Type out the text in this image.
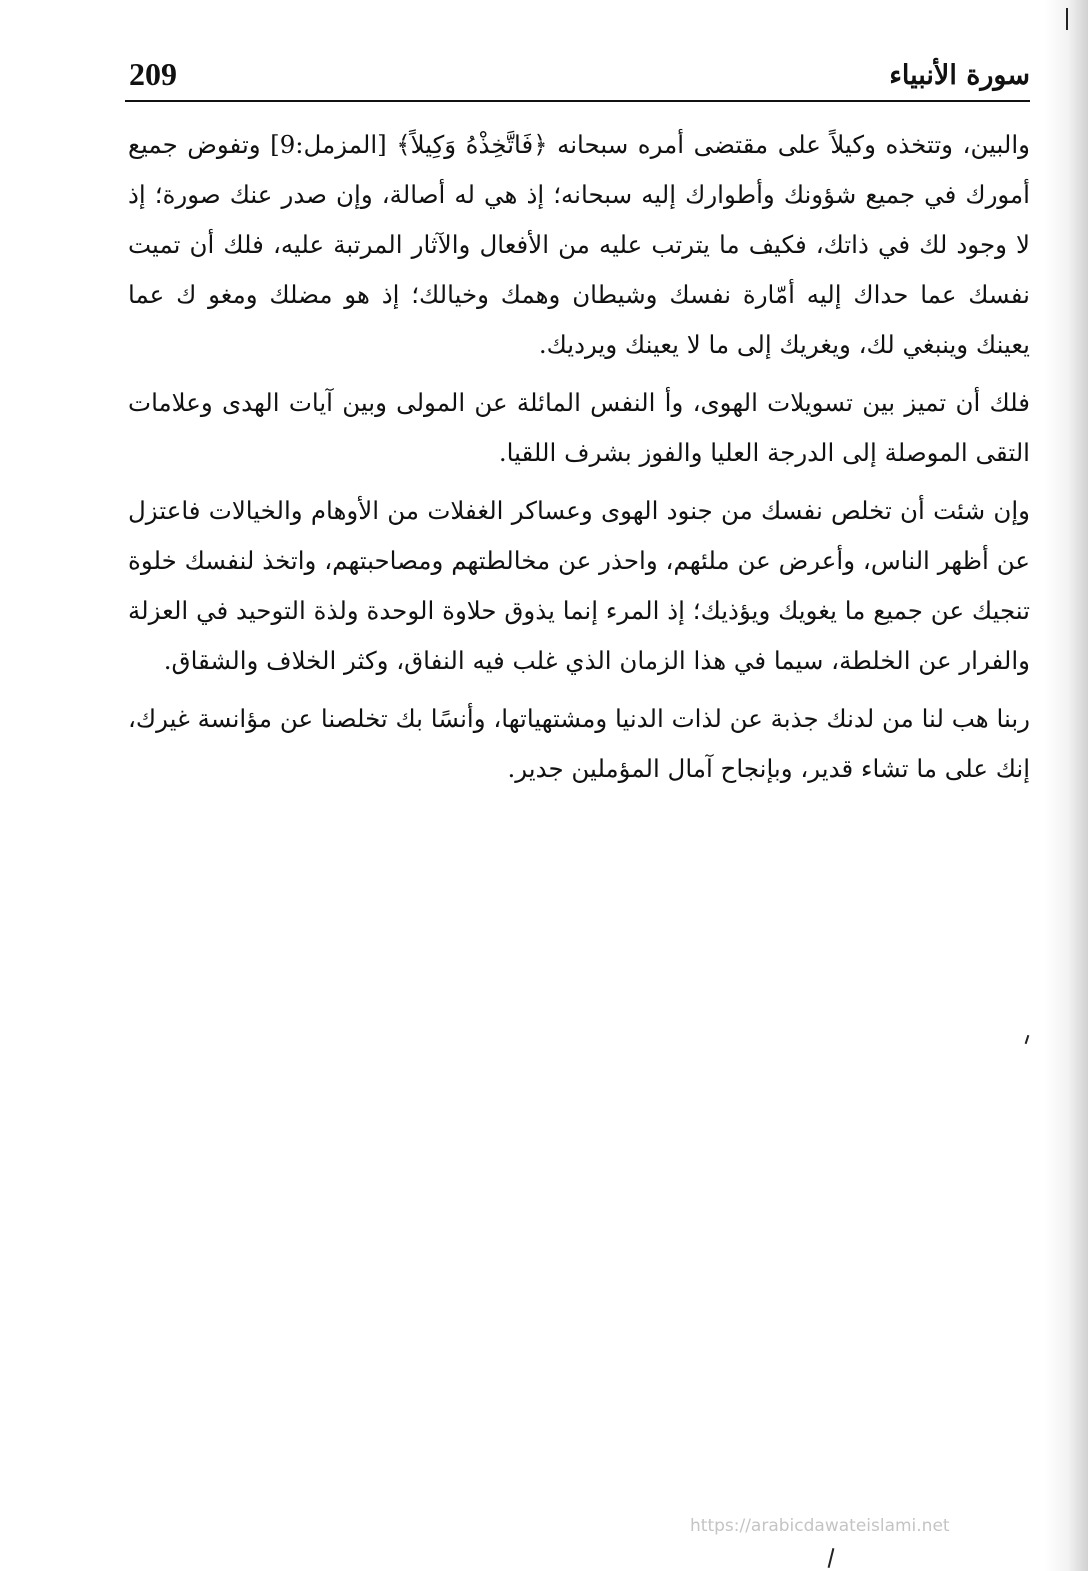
209	سورة الأنبياء

والبين، وتتخذه وكيلاً على مقتضى أمره سبحانه ﴿فَاتَّخِذْهُ وَكِيلاً﴾ [المزمل:9] وتفوض جميع أمورك في جميع شؤونك وأطوارك إليه سبحانه؛ إذ هي له أصالة، وإن صدر عنك صورة؛ إذ لا وجود لك في ذاتك، فكيف ما يترتب عليه من الأفعال والآثار المرتبة عليه، فلك أن تميت نفسك عما حداك إليه أمّارة نفسك وشيطان وهمك وخيالك؛ إذ هو مضلك ومغو ك عما يعينك وينبغي لك، ويغريك إلى ما لا يعينك ويرديك.

فلك أن تميز بين تسويلات الهوى، وأ النفس المائلة عن المولى وبين آيات الهدى وعلامات التقى الموصلة إلى الدرجة العليا والفوز بشرف اللقيا.

وإن شئت أن تخلص نفسك من جنود الهوى وعساكر الغفلات من الأوهام والخيالات فاعتزل عن أظهر الناس، وأعرض عن ملئهم، واحذر عن مخالطتهم ومصاحبتهم، واتخذ لنفسك خلوة تنجيك عن جميع ما يغويك ويؤذيك؛ إذ المرء إنما يذوق حلاوة الوحدة ولذة التوحيد في العزلة والفرار عن الخلطة، سيما في هذا الزمان الذي غلب فيه النفاق، وكثر الخلاف والشقاق.

ربنا هب لنا من لدنك جذبة عن لذات الدنيا ومشتهياتها، وأنسًا بك تخلصنا عن مؤانسة غيرك، إنك على ما تشاء قدير، وبإنجاح آمال المؤملين جدير.

https://arabicdawateislami.net
